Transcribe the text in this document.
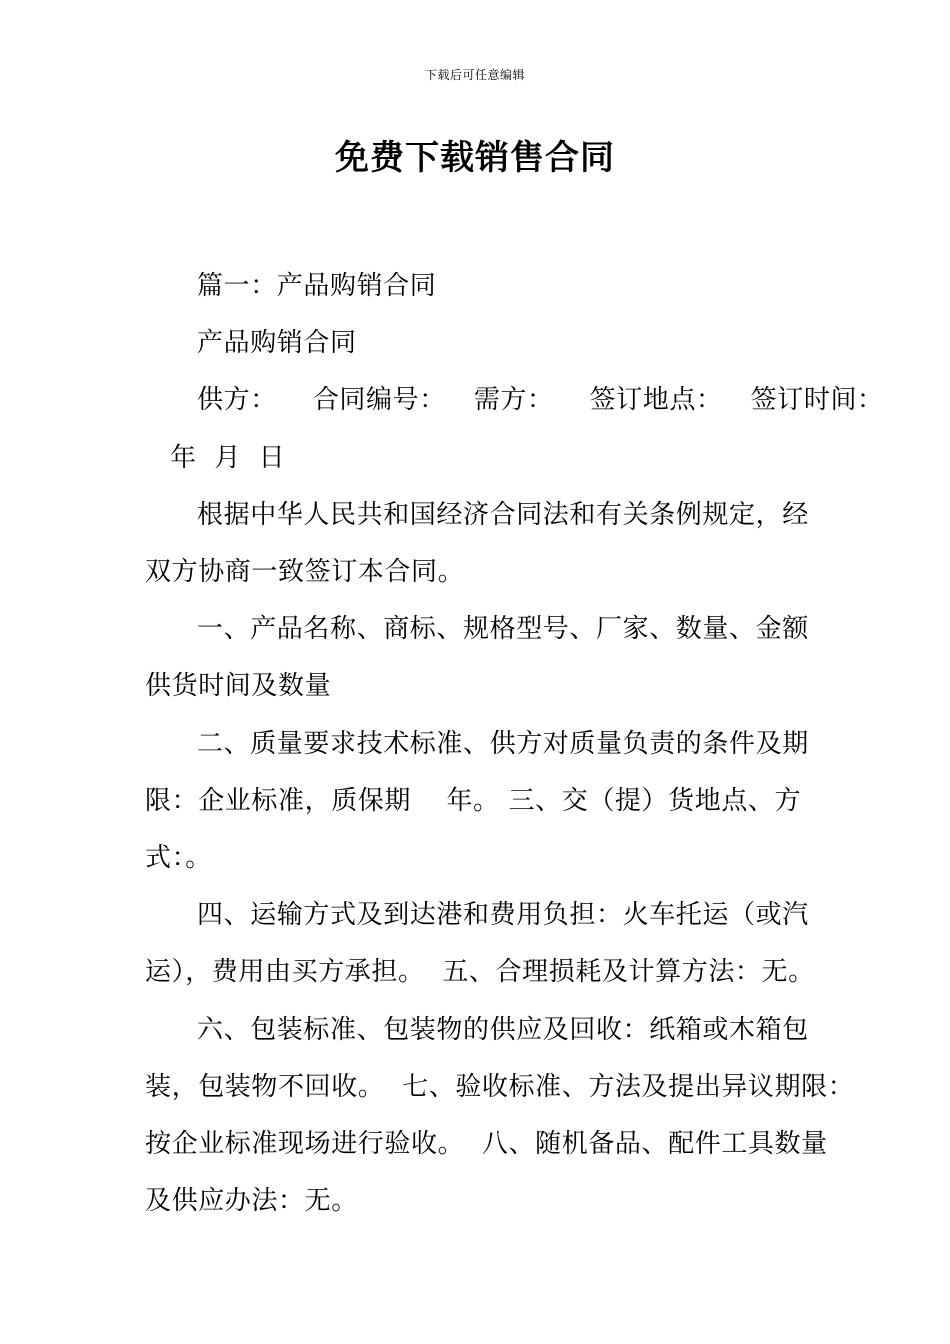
下载后可任意编辑
免费下载销售合同
篇一：产品购销合同
产品购销合同
供方： 合同编号： 需方： 签订地点： 签订时间：
年  月  日
根据中华人民共和国经济合同法和有关条例规定，经
双方协商一致签订本合同。
一、产品名称、商标、规格型号、厂家、数量、金额
供货时间及数量
二、质量要求技术标准、供方对质量负责的条件及期
限：企业标准，质保期    年。 三、交（提）货地点、方
式：。
四、运输方式及到达港和费用负担：火车托运（或汽
运），费用由买方承担。  五、合理损耗及计算方法：无。
六、包装标准、包装物的供应及回收：纸箱或木箱包
装，包装物不回收。  七、验收标准、方法及提出异议期限：
按企业标准现场进行验收。  八、随机备品、配件工具数量
及供应办法：无。
